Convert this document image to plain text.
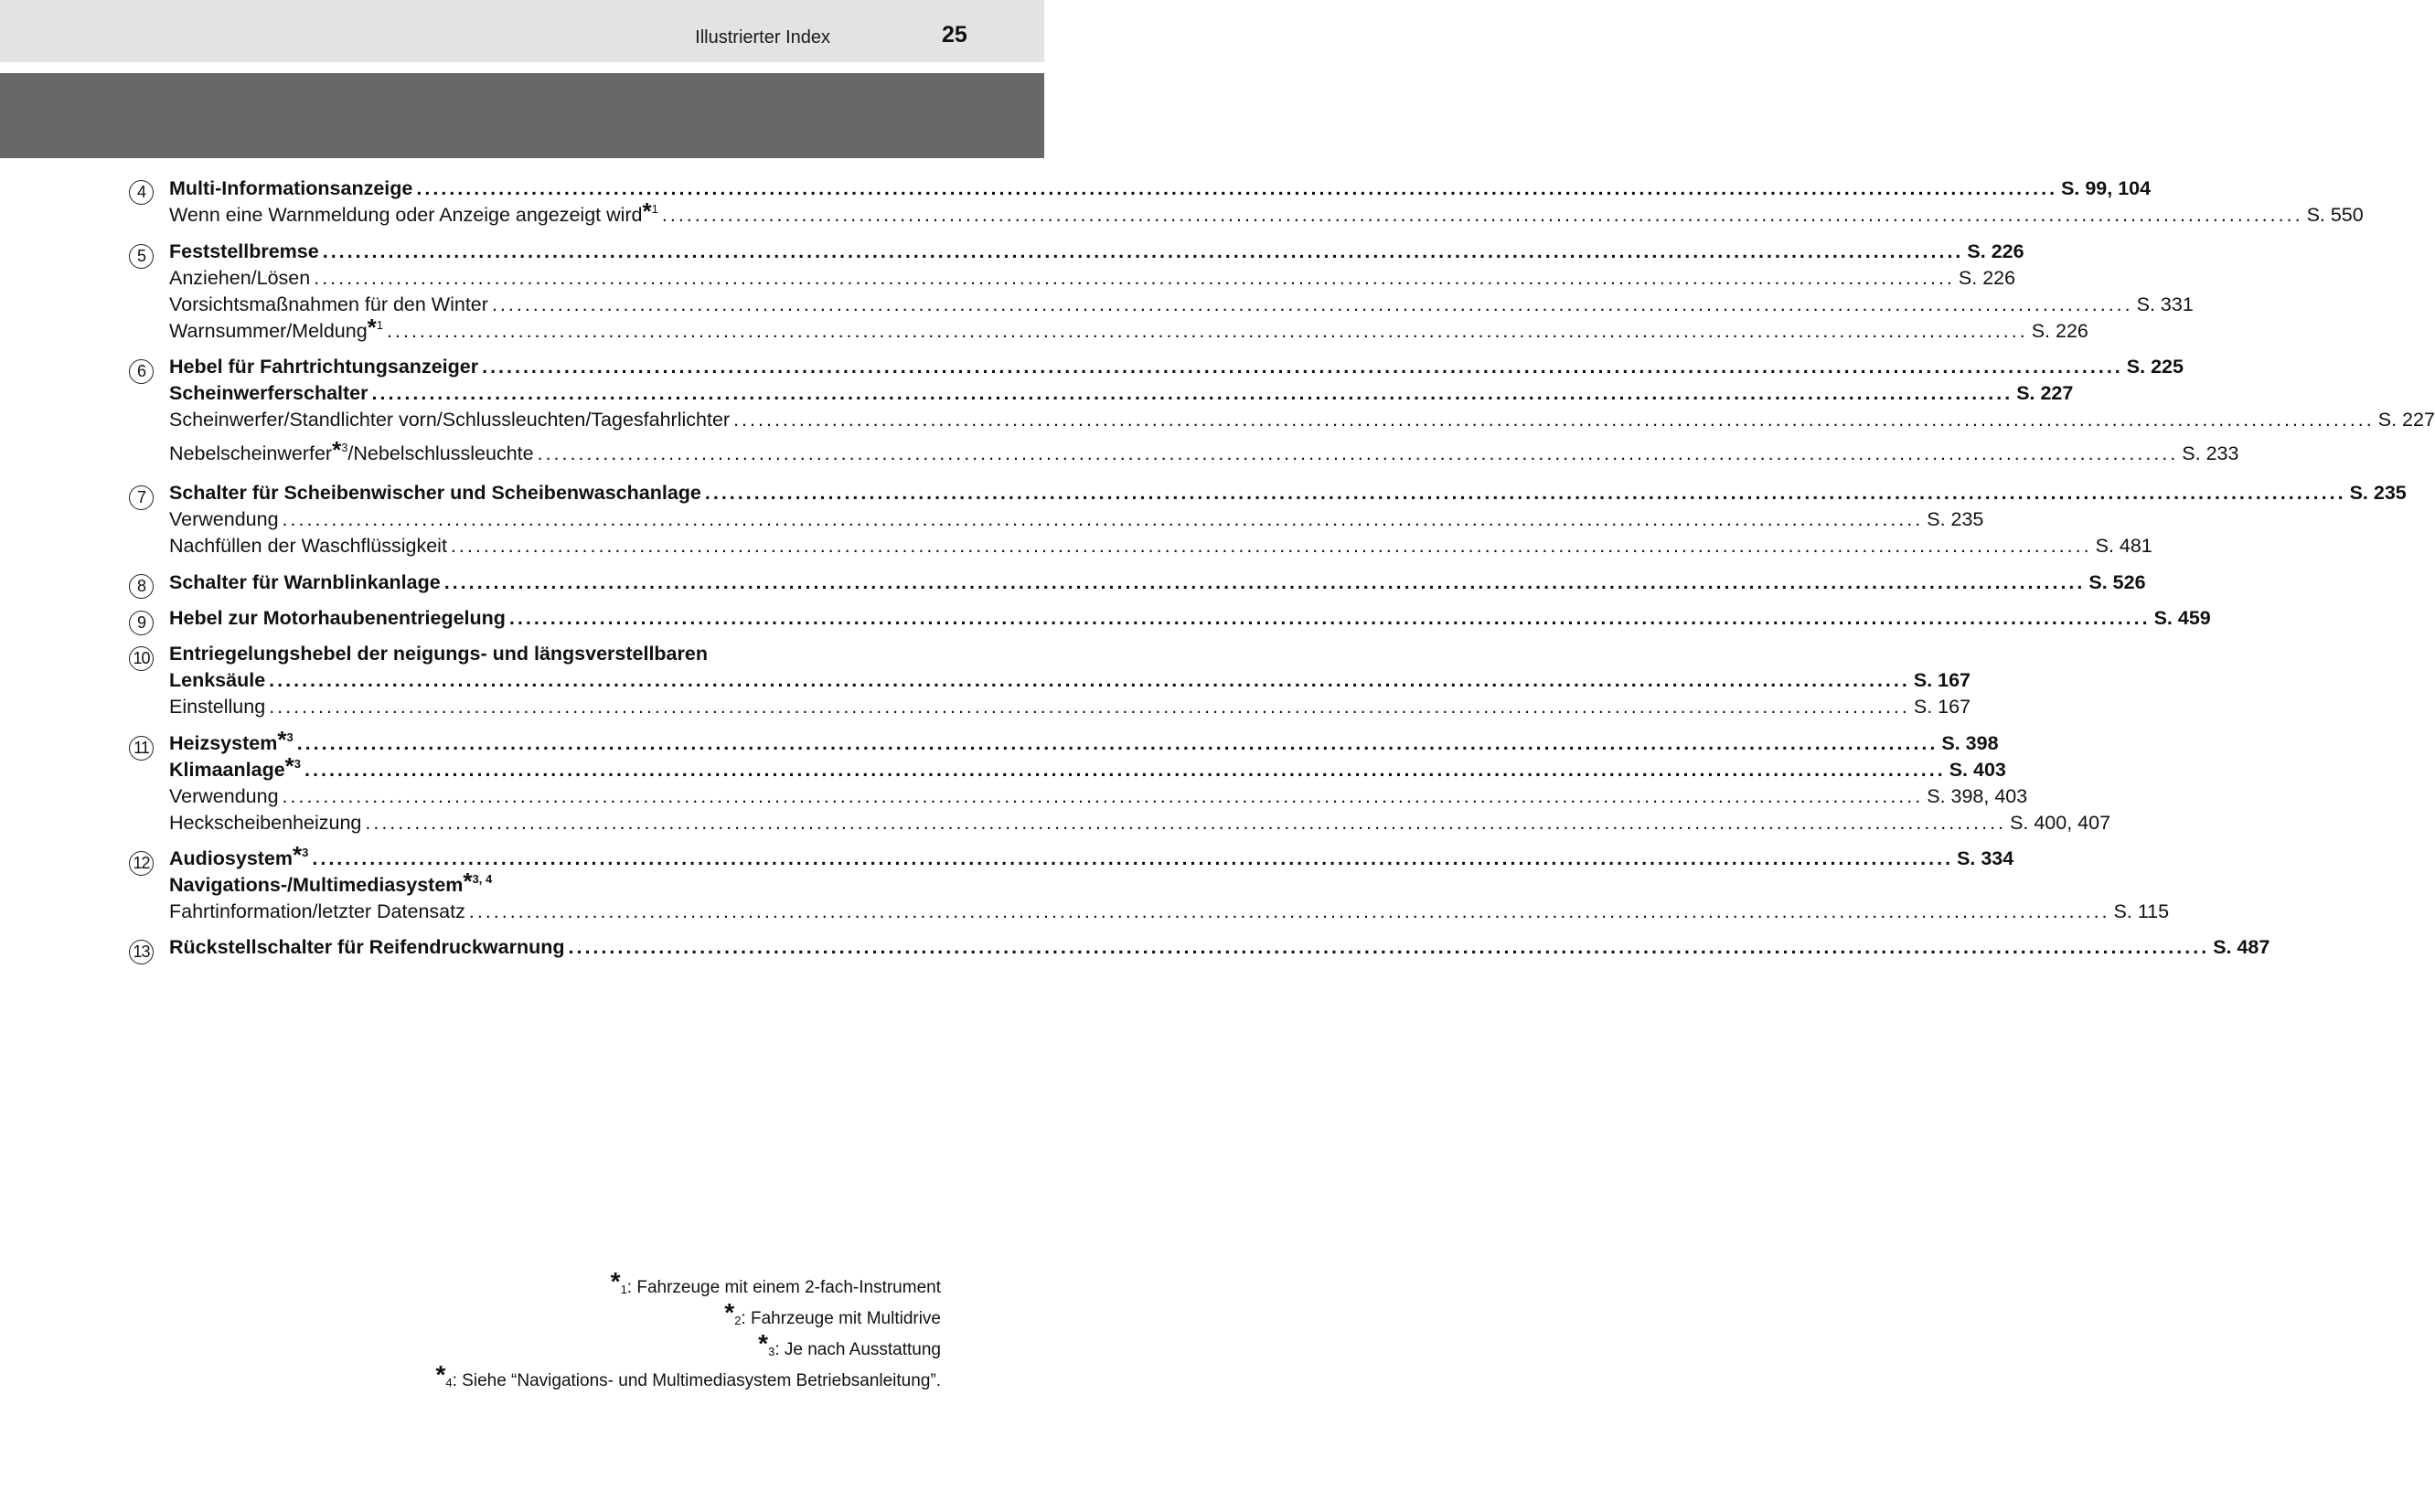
Illustrierter Index	25
4	Multi-Informationsanzeige ........................................................................................................................................................................................................ S. 99, 104
Wenn eine Warnmeldung oder Anzeige angezeigt wird*$^1$ ........................................................................................................................................................................................................ S. 550
5	Feststellbremse ........................................................................................................................................................................................................ S. 226
Anziehen/Lösen ........................................................................................................................................................................................................ S. 226
Vorsichtsmaßnahmen für den Winter ........................................................................................................................................................................................................ S. 331
Warnsummer/Meldung*$^1$ ........................................................................................................................................................................................................ S. 226
6	Hebel für Fahrtrichtungsanzeiger ........................................................................................................................................................................................................ S. 225
Scheinwerferschalter ........................................................................................................................................................................................................ S. 227
Scheinwerfer/Standlichter vorn/Schlussleuchten/Tagesfahrlichter ........................................................................................................................................................................................................ S. 227
Nebelscheinwerfer*$^3$/Nebelschlussleuchte ........................................................................................................................................................................................................ S. 233
7	Schalter für Scheibenwischer und Scheibenwaschanlage ........................................................................................................................................................................................................ S. 235
Verwendung ........................................................................................................................................................................................................ S. 235
Nachfüllen der Waschflüssigkeit ........................................................................................................................................................................................................ S. 481
8	Schalter für Warnblinkanlage ........................................................................................................................................................................................................ S. 526
9	Hebel zur Motorhaubenentriegelung ........................................................................................................................................................................................................ S. 459
10 Entriegelungshebel der neigungs- und längsverstellbaren
Lenksäule ........................................................................................................................................................................................................ S. 167
Einstellung ........................................................................................................................................................................................................ S. 167
11 Heizsystem*$^3$ ........................................................................................................................................................................................................ S. 398
Klimaanlage*$^3$ ........................................................................................................................................................................................................ S. 403
Verwendung ........................................................................................................................................................................................................ S. 398, 403
Heckscheibenheizung ........................................................................................................................................................................................................ S. 400, 407
12 Audiosystem*$^3$ ........................................................................................................................................................................................................ S. 334
Navigations-/Multimediasystem*$^{3, 4}$
Fahrtinformation/letzter Datensatz ........................................................................................................................................................................................................ S. 115
13 Rückstellschalter für Reifendruckwarnung ........................................................................................................................................................................................................ S. 487
*1: Fahrzeuge mit einem 2-fach-Instrument
*2: Fahrzeuge mit Multidrive
*3: Je nach Ausstattung
*4: Siehe “Navigations- und Multimediasystem Betriebsanleitung”.
